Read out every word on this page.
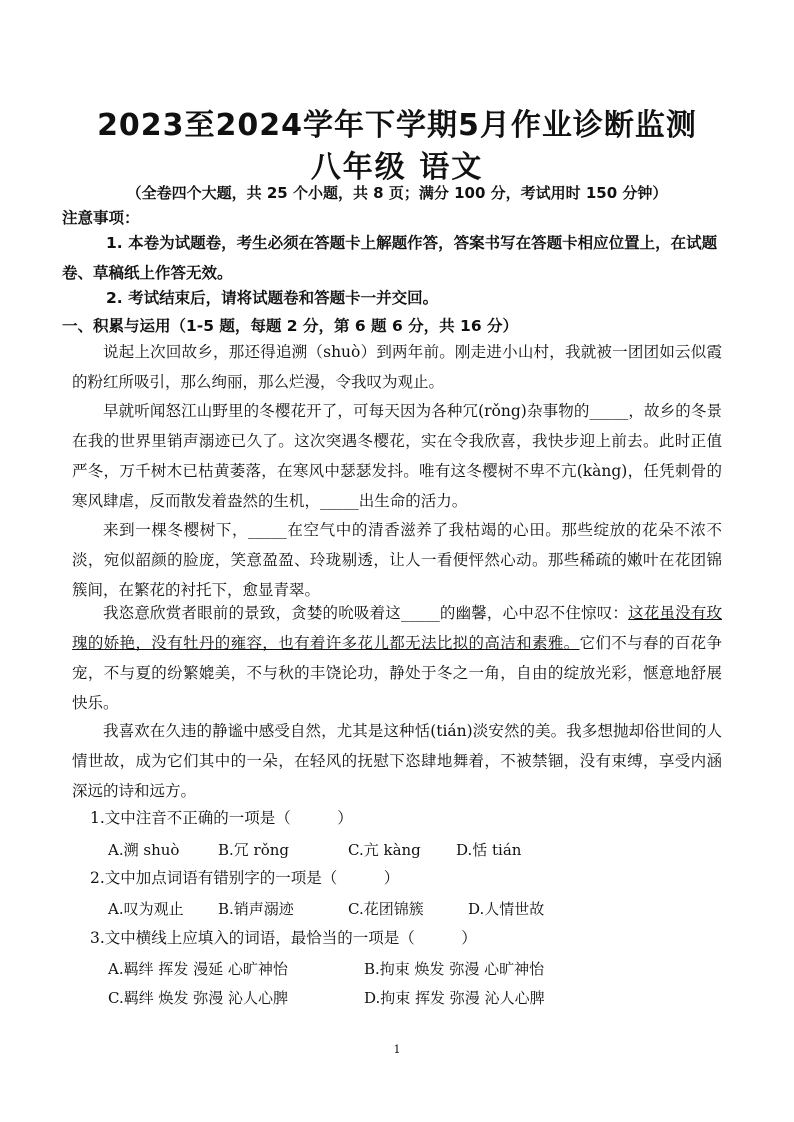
2023至2024学年下学期5月作业诊断监测
八年级 语文
（全卷四个大题，共 25 个小题，共 8 页；满分 100 分，考试用时 150 分钟）
注意事项：
1. 本卷为试题卷，考生必须在答题卡上解题作答，答案书写在答题卡相应位置上，在试题卷、草稿纸上作答无效。
2. 考试结束后，请将试题卷和答题卡一并交回。
一、积累与运用（1-5 题，每题 2 分，第 6 题 6 分，共 16 分）
说起上次回故乡，那还得追溯（shuò）到两年前。刚走进小山村，我就被一团团如云似霞的粉红所吸引，那么绚丽，那么烂漫，令我叹为观止。
早就听闻怒江山野里的冬樱花开了，可每天因为各种冗(rǒng)杂事物的_____，故乡的冬景在我的世界里销声溺迹已久了。这次突遇冬樱花，实在令我欣喜，我快步迎上前去。此时正值严冬，万千树木已枯黄萎落，在寒风中瑟瑟发抖。唯有这冬樱树不卑不亢(kàng)，任凭刺骨的寒风肆虐，反而散发着盎然的生机，_____出生命的活力。
来到一棵冬樱树下，_____在空气中的清香滋养了我枯竭的心田。那些绽放的花朵不浓不淡，宛似韶颜的脸庞，笑意盈盈、玲珑剔透，让人一看便怦然心动。那些稀疏的嫩叶在花团锦簇间，在繁花的衬托下，愈显青翠。
我恣意欣赏者眼前的景致，贪婪的吮吸着这_____的幽馨，心中忍不住惊叹：这花虽没有玫瑰的娇艳，没有牡丹的雍容，也有着许多花儿都无法比拟的高洁和素雅。它们不与春的百花争宠，不与夏的纷繁媲美，不与秋的丰饶论功，静处于冬之一角，自由的绽放光彩，惬意地舒展快乐。
我喜欢在久违的静谧中感受自然，尤其是这种恬(tián)淡安然的美。我多想抛却俗世间的人情世故，成为它们其中的一朵，在轻风的抚慰下恣肆地舞着，不被禁锢，没有束缚，享受内涵深远的诗和远方。
1.文中注音不正确的一项是（　　　）
A.溯 shuò	B.冗 rǒng	C.亢 kàng D.恬 tián
2.文中加点词语有错别字的一项是（　　　）
A.叹为观止 B.销声溺迹	C.花团锦簇	D.人情世故
3.文中横线上应填入的词语，最恰当的一项是（　　　）
A.羁绊 挥发 漫延 心旷神怡	B.拘束 焕发 弥漫 心旷神怡
C.羁绊 焕发 弥漫 沁人心脾	D.拘束 挥发 弥漫 沁人心脾
1
